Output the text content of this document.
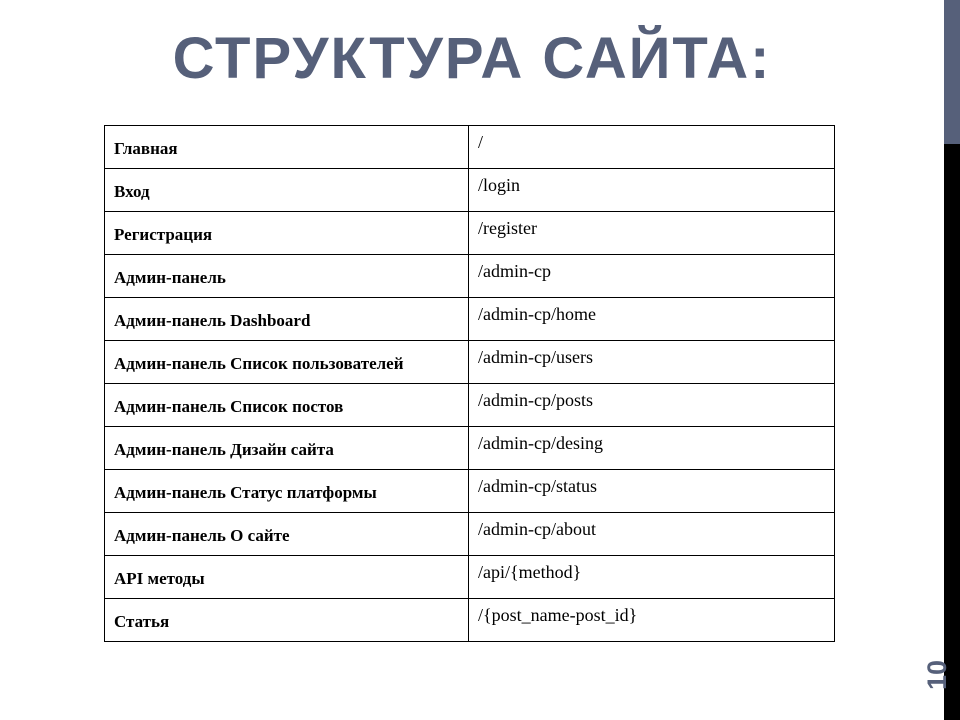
СТРУКТУРА САЙТА:
10
Главная	/
Вход	/login
Регистрация	/register
Админ-панель	/admin-cp
Админ-панель Dashboard	/admin-cp/home
Админ-панель Список пользователей	/admin-cp/users
Админ-панель Список постов	/admin-cp/posts
Админ-панель Дизайн сайта	/admin-cp/desing
Админ-панель Статус платформы	/admin-cp/status
Админ-панель О сайте	/admin-cp/about
API методы	/api/{method}
Статья	/{post_name-post_id}
